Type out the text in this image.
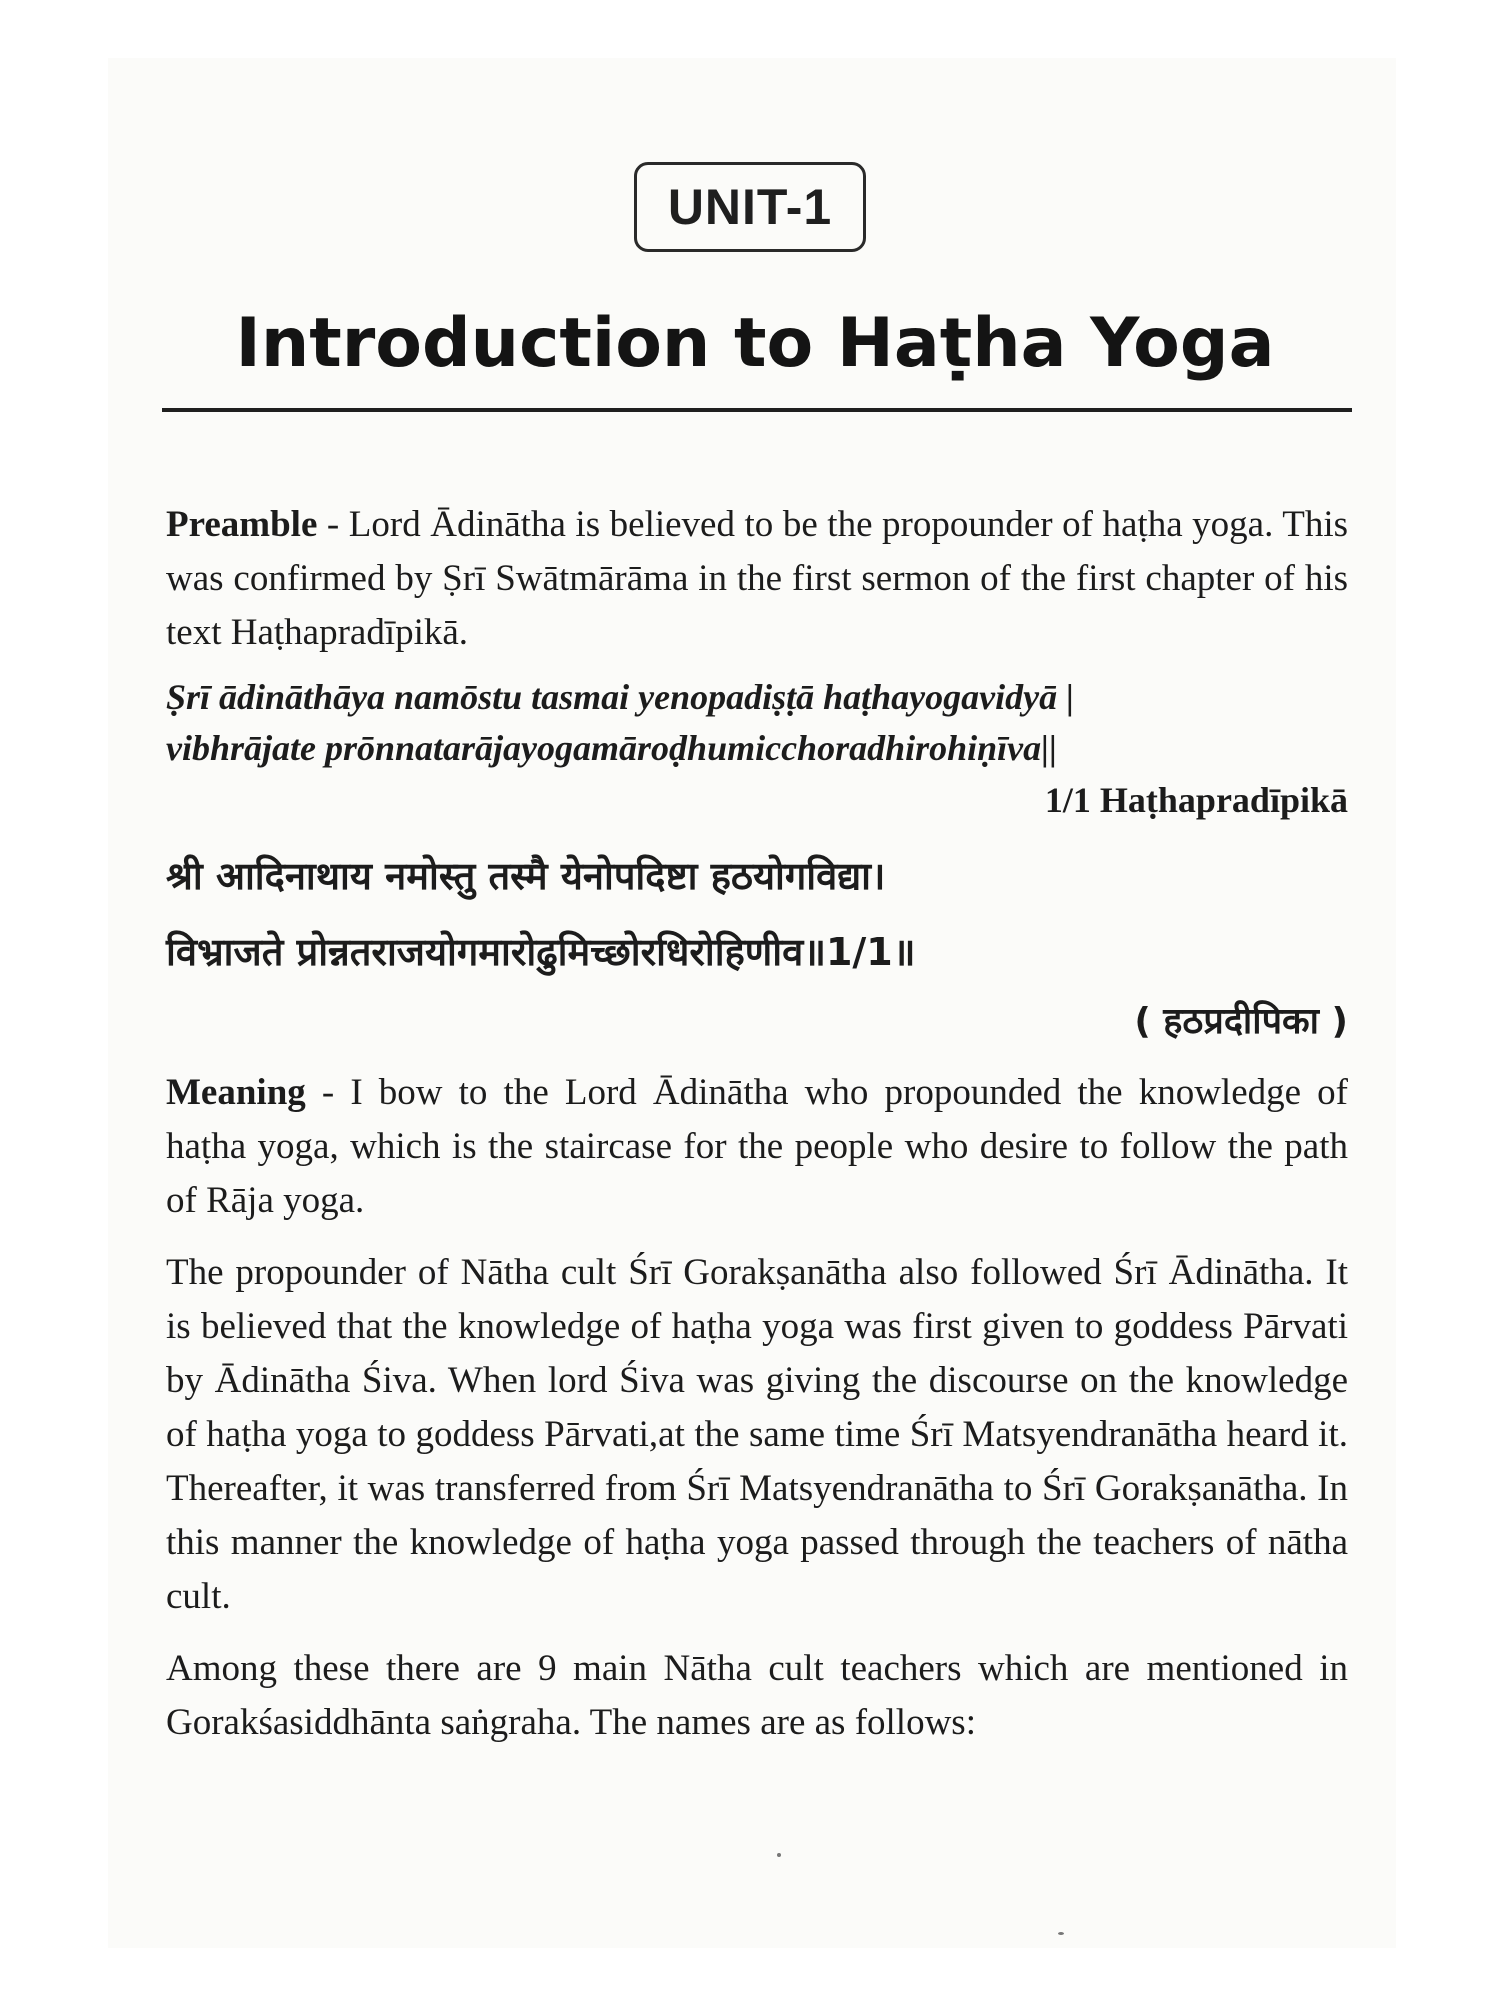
UNIT-1
Introduction to Haṭha Yoga

Preamble - Lord Ādinātha is believed to be the propounder of haṭha yoga. This was confirmed by Ṣrī Swātmārāma in the first sermon of the first chapter of his text Haṭhapradīpikā.

Ṣrī ādināthāya namōstu tasmai yenopadiṣṭā haṭhayogavidyā |

vibhrājate prōnnatarājayogamāroḍhumicchoradhirohiṇīva||

1/1 Haṭhapradīpikā

श्री आदिनाथाय नमोस्तु तस्मै येनोपदिष्टा हठयोगविद्या।

विभ्राजते प्रोन्नतराजयोगमारोढुमिच्छोरधिरोहिणीव॥1/1॥

( हठप्रदीपिका )

Meaning - I bow to the Lord Ādinātha who propounded the knowledge of haṭha yoga, which is the staircase for the people who desire to follow the path of Rāja yoga.

The propounder of Nātha cult Śrī Gorakṣanātha also followed Śrī Ādinātha. It is believed that the knowledge of haṭha yoga was first given to goddess Pārvati by Ādinātha Śiva. When lord Śiva was giving the discourse on the knowledge of haṭha yoga to goddess Pārvati,at the same time Śrī Matsyendranātha heard it. Thereafter, it was transferred from Śrī Matsyendranātha to Śrī Gorakṣanātha. In this manner the knowledge of haṭha yoga passed through the teachers of nātha cult.

Among these there are 9 main Nātha cult teachers which are mentioned in Gorakśasiddhānta saṅgraha. The names are as follows:
